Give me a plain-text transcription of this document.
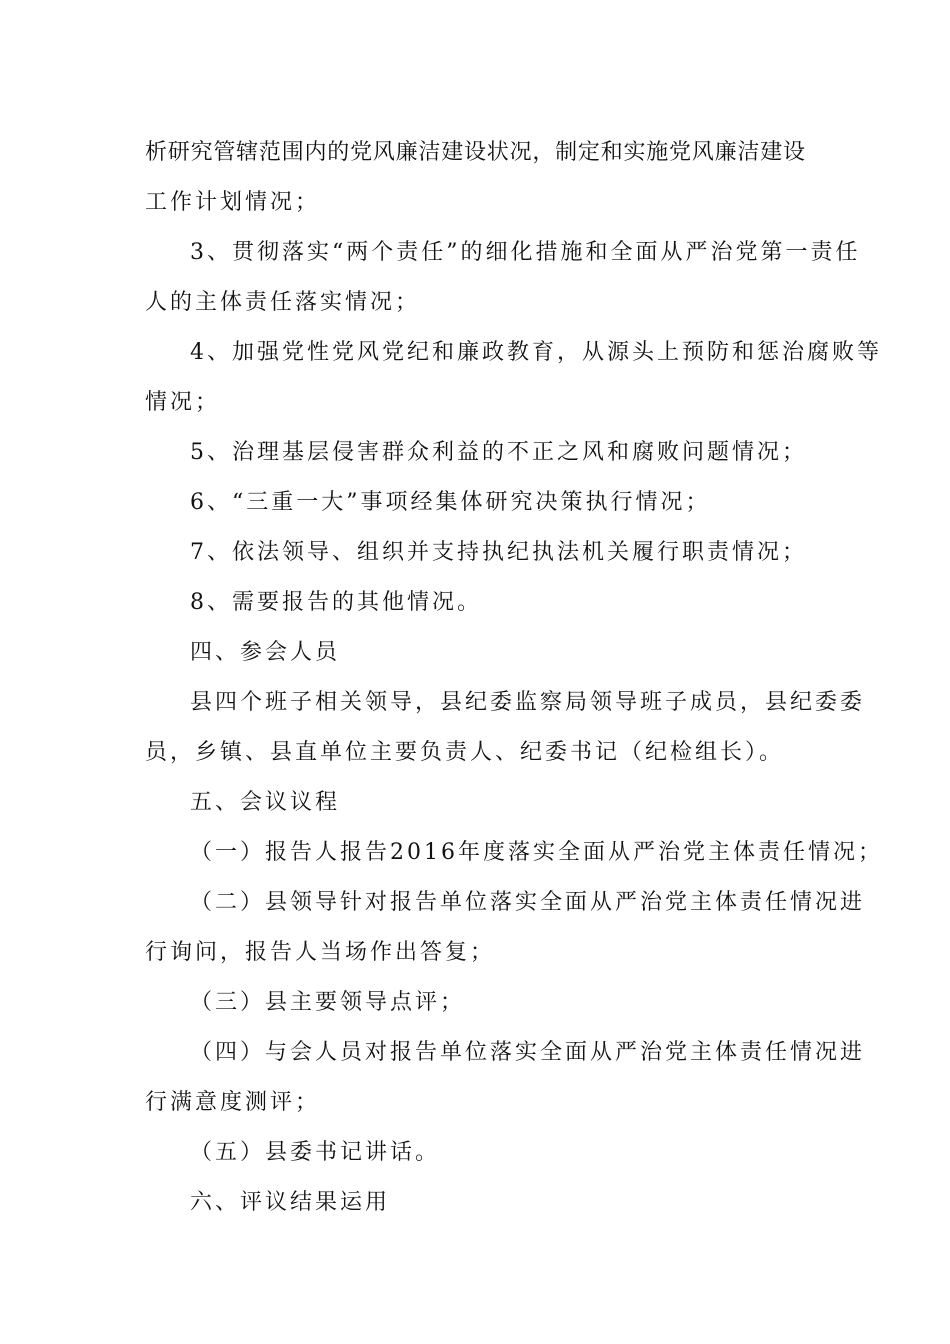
析研究管辖范围内的党风廉洁建设状况，制定和实施党风廉洁建设
工作计划情况；
3、贯彻落实“两个责任”的细化措施和全面从严治党第一责任
人的主体责任落实情况；
4、加强党性党风党纪和廉政教育，从源头上预防和惩治腐败等
情况；
5、治理基层侵害群众利益的不正之风和腐败问题情况；
6、“三重一大”事项经集体研究决策执行情况；
7、依法领导、组织并支持执纪执法机关履行职责情况；
8、需要报告的其他情况。
四、参会人员
县四个班子相关领导，县纪委监察局领导班子成员，县纪委委
员，乡镇、县直单位主要负责人、纪委书记（纪检组长）。
五、会议议程
（一）报告人报告2016年度落实全面从严治党主体责任情况；
（二）县领导针对报告单位落实全面从严治党主体责任情况进
行询问，报告人当场作出答复；
（三）县主要领导点评；
（四）与会人员对报告单位落实全面从严治党主体责任情况进
行满意度测评；
（五）县委书记讲话。
六、评议结果运用
